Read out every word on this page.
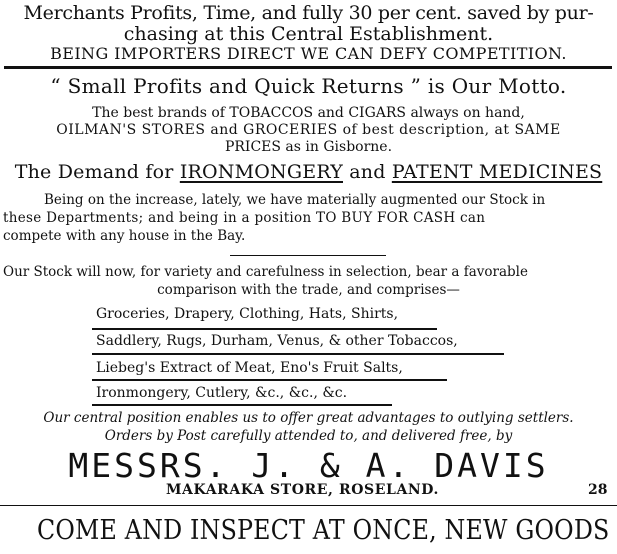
Merchants Profits, Time, and fully 30 per cent. saved by pur-
chasing at this Central Establishment.
BEING IMPORTERS DIRECT WE CAN DEFY COMPETITION.
“ Small Profits and Quick Returns ” is Our Motto.
The best brands of TOBACCOS and CIGARS always on hand,
OILMAN'S STORES and GROCERIES of best description, at SAME
PRICES as in Gisborne.
The Demand for IRONMONGERY and PATENT MEDICINES
Being on the increase, lately, we have materially augmented our Stock in
these Departments; and being in a position TO BUY FOR CASH can
compete with any house in the Bay.
Our Stock will now, for variety and carefulness in selection, bear a favorable
comparison with the trade, and comprises—
Groceries, Drapery, Clothing, Hats, Shirts,
Saddlery, Rugs, Durham, Venus, & other Tobaccos,
Liebeg's Extract of Meat, Eno's Fruit Salts,
Ironmongery, Cutlery, &c., &c., &c.
Our central position enables us to offer great advantages to outlying settlers.
Orders by Post carefully attended to, and delivered free, by
MESSRS. J. & A. DAVIS
MAKARAKA STORE, ROSELAND.	28
COME AND INSPECT AT ONCE, NEW GOODS
